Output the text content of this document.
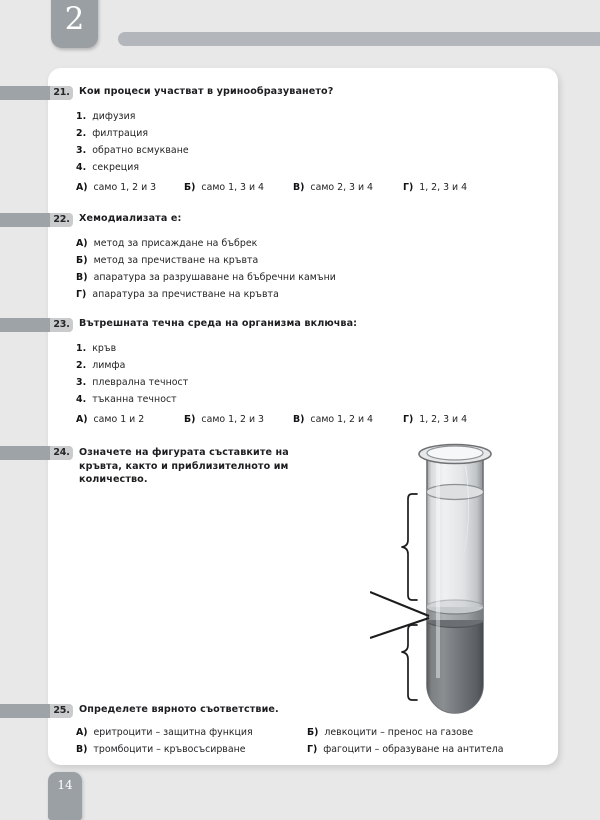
2
21. Кои процеси участват в уринообразуването?
1. дифузия
2. филтрация
3. обратно всмукване
4. секреция
А) само 1, 2 и 3	Б) само 1, 3 и 4	В) само 2, 3 и 4	Г) 1, 2, 3 и 4
22. Хемодиализата е:
А) метод за присаждане на бъбрек
Б) метод за пречистване на кръвта
В) апаратура за разрушаване на бъбречни камъни
Г) апаратура за пречистване на кръвта
23. Вътрешната течна среда на организма включва:
1. кръв
2. лимфа
3. плеврална течност
4. тъканна течност
А) само 1 и 2	Б) само 1, 2 и 3	В) само 1, 2 и 4	Г) 1, 2, 3 и 4
24. Означете на фигурата съставките на кръвта, както и приблизителното им количество.
25. Определете вярното съответствие.
А) еритроцити – защитна функция	Б) левкоцити – пренос на газове
В) тромбоцити – кръвосъсирване	Г) фагоцити – образуване на антитела
14
